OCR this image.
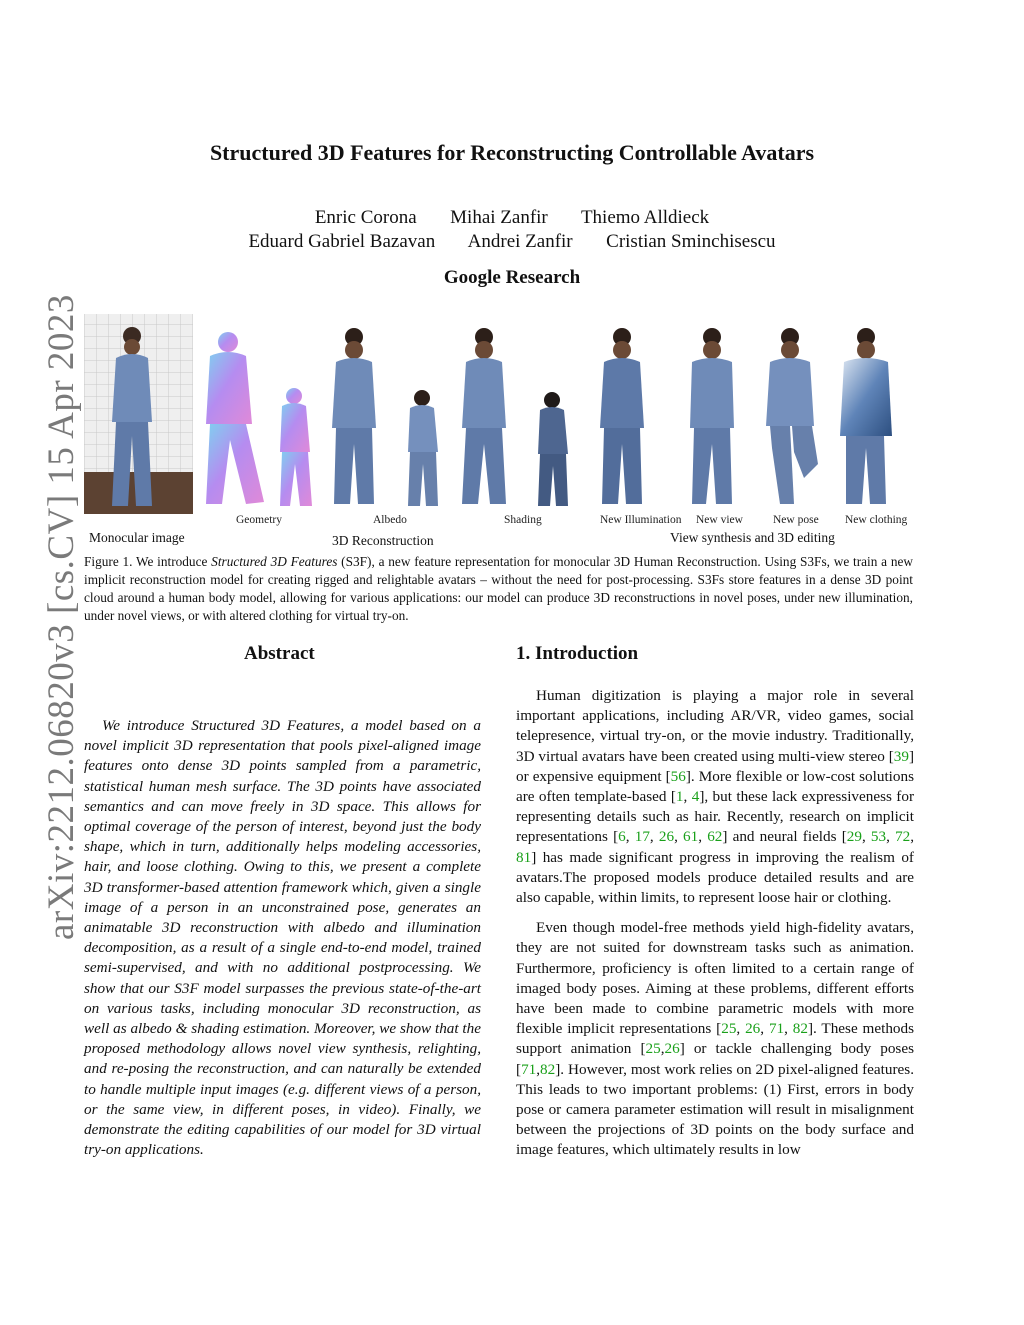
arXiv:2212.06820v3 [cs.CV] 15 Apr 2023
Structured 3D Features for Reconstructing Controllable Avatars
Enric Corona Mihai Zanfir Thiemo Alldieck
Eduard Gabriel Bazavan Andrei Zanfir Cristian Sminchisescu
Google Research
Geometry	Albedo	Shading	New Illumination New view	New pose New clothing
Monocular image	3D Reconstruction	View synthesis and 3D editing
Figure 1. We introduce Structured 3D Features (S3F), a new feature representation for monocular 3D Human Reconstruction. Using S3Fs, we train a new implicit reconstruction model for creating rigged and relightable avatars – without the need for post-processing. S3Fs store features in a dense 3D point cloud around a human body model, allowing for various applications: our model can produce 3D reconstructions in novel poses, under new illumination, under novel views, or with altered clothing for virtual try-on.
Abstract
We introduce Structured 3D Features, a model based on a novel implicit 3D representation that pools pixel-aligned image features onto dense 3D points sampled from a parametric, statistical human mesh surface. The 3D points have associated semantics and can move freely in 3D space. This allows for optimal coverage of the person of interest, beyond just the body shape, which in turn, additionally helps modeling accessories, hair, and loose clothing. Owing to this, we present a complete 3D transformer-based attention framework which, given a single image of a person in an unconstrained pose, generates an animatable 3D reconstruction with albedo and illumination decomposition, as a result of a single end-to-end model, trained semi-supervised, and with no additional postprocessing. We show that our S3F model surpasses the previous state-of-the-art on various tasks, including monocular 3D reconstruction, as well as albedo & shading estimation. Moreover, we show that the proposed methodology allows novel view synthesis, relighting, and re-posing the reconstruction, and can naturally be extended to handle multiple input images (e.g. different views of a person, or the same view, in different poses, in video). Finally, we demonstrate the editing capabilities of our model for 3D virtual try-on applications.
1. Introduction

Human digitization is playing a major role in several important applications, including AR/VR, video games, social telepresence, virtual try-on, or the movie industry. Traditionally, 3D virtual avatars have been created using multi-view stereo [39] or expensive equipment [56]. More flexible or low-cost solutions are often template-based [1, 4], but these lack expressiveness for representing details such as hair. Recently, research on implicit representations [6, 17, 26, 61, 62] and neural fields [29, 53, 72, 81] has made significant progress in improving the realism of avatars.The proposed models produce detailed results and are also capable, within limits, to represent loose hair or clothing.

Even though model-free methods yield high-fidelity avatars, they are not suited for downstream tasks such as animation. Furthermore, proficiency is often limited to a certain range of imaged body poses. Aiming at these problems, different efforts have been made to combine parametric models with more flexible implicit representations [25, 26, 71, 82]. These methods support animation [25,26] or tackle challenging body poses [71,82]. However, most work relies on 2D pixel-aligned features. This leads to two important problems: (1) First, errors in body pose or camera parameter estimation will result in misalignment between the projections of 3D points on the body surface and image features, which ultimately results in low
